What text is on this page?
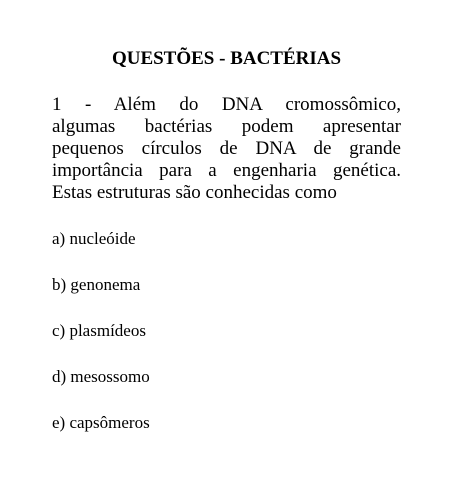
QUESTÕES - BACTÉRIAS
1 - Além do DNA cromossômico,
algumas bactérias podem apresentar
pequenos círculos de DNA de grande
importância para a engenharia genética.
Estas estruturas são conhecidas como
a) nucleóide
b) genonema
c) plasmídeos
d) mesossomo
e) capsômeros
